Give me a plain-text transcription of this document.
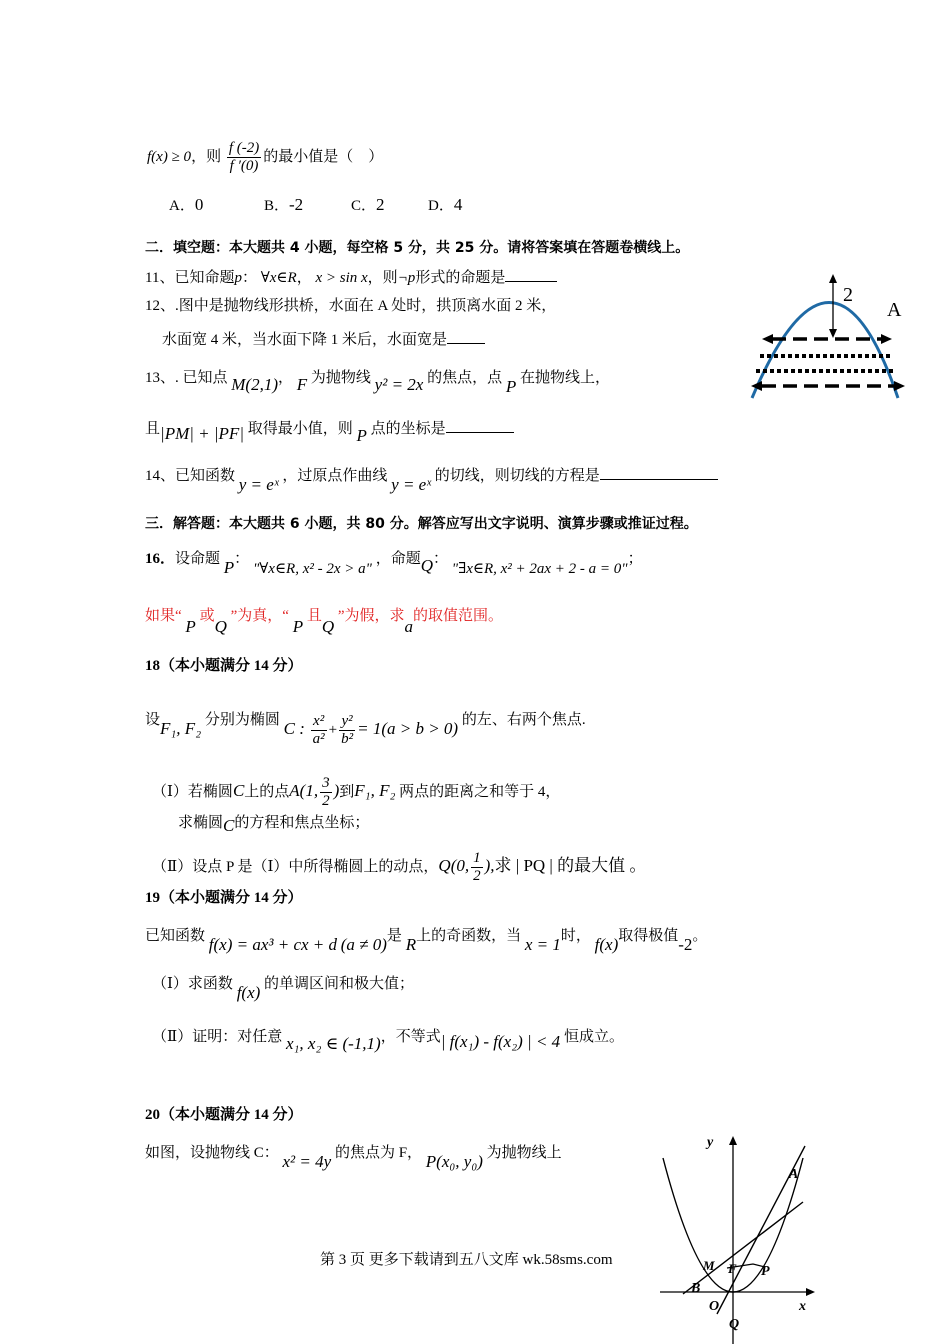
f(x) ≥ 0，则 $\frac{f (-2)}{f '(0)}$ 的最小值是（　）
A．0	B．-2	C．2	D．4
二．填空题：本大题共 4 小题，每空格 5 分，共 25 分。请将答案填在答题卷横线上。
11、已知命题p： ∀x∈R， x > sin x，则¬p形式的命题是
12、.图中是抛物线形拱桥，水面在 A 处时，拱顶离水面 2 米，
水面宽 4 米，当水面下降 1 米后，水面宽是
2
A
13、. 已知点 M(2,1)， F 为抛物线 y² = 2x 的焦点，点 P 在抛物线上，
且|PM| + |PF| 取得最小值，则 P 点的坐标是
14、已知函数 y = eˣ ，过原点作曲线 y = eˣ 的切线，则切线的方程是
三．解答题：本大题共 6 小题，共 80 分。解答应写出文字说明、演算步骤或推证过程。
16．设命题 P： "∀x∈R, x² - 2x > a" ，命题Q： "∃x∈R, x² + 2ax + 2 - a = 0"；
如果“ P 或Q ”为真，“ P 且Q ”为假，求a的取值范围。
18（本小题满分 14 分）
设F₁, F₂ 分别为椭圆 C : $\frac{\text{x²}}{\text{a²}} + \frac{\text{y²}}{\text{b²}} = 1(a > b > 0)$ 的左、右两个焦点.
（Ⅰ）若椭圆C上的点A(1, $\frac{3}{2}$ )到F₁, F₂ 两点的距离之和等于 4，
求椭圆C的方程和焦点坐标；
（Ⅱ）设点 P 是（Ⅰ）中所得椭圆上的动点，Q(0, $\frac{1}{2}$ ),求 | PQ | 的最大值 。
19（本小题满分 14 分）
已知函数 f(x) = ax³ + cx + d (a ≠ 0)是 R上的奇函数，当 x = 1时， f(x)取得极值-2。
（Ⅰ）求函数 f(x) 的单调区间和极大值；
（Ⅱ）证明：对任意 x₁, x₂ ∈ (-1,1)，不等式| f(x₁) - f(x₂) | < 4 恒成立。
20（本小题满分 14 分）
如图，设抛物线 C： x² = 4y 的焦点为 F， P(x₀, y₀) 为抛物线上
y
x
A
M F P
B
O
Q
第 3 页 更多下载请到五八文库 wk.58sms.com
